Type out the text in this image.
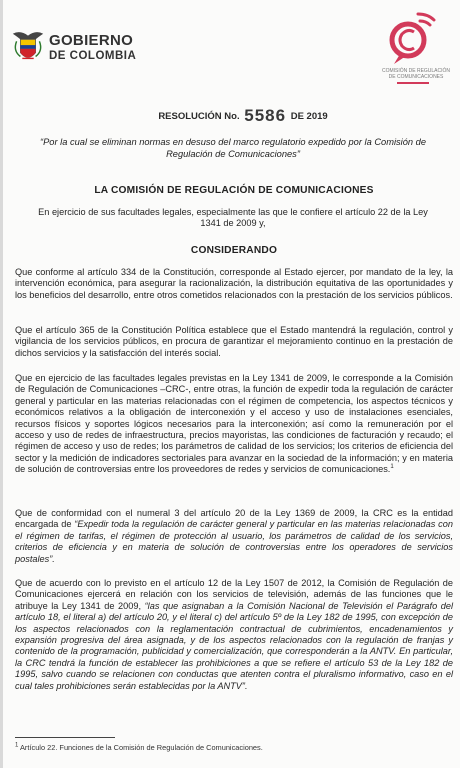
GOBIERNO
DE COLOMBIA
COMISIÓN DE REGULACIÓN DE COMUNICACIONES
RESOLUCIÓN No. 5586 DE 2019
“Por la cual se eliminan normas en desuso del marco regulatorio expedido por la Comisión de Regulación de Comunicaciones”
LA COMISIÓN DE REGULACIÓN DE COMUNICACIONES
En ejercicio de sus facultades legales, especialmente las que le confiere el artículo 22 de la Ley 1341 de 2009 y,
CONSIDERANDO
Que conforme al artículo 334 de la Constitución, corresponde al Estado ejercer, por mandato de la ley, la intervención económica, para asegurar la racionalización, la distribución equitativa de las oportunidades y los beneficios del desarrollo, entre otros cometidos relacionados con la prestación de los servicios públicos.
Que el artículo 365 de la Constitución Política establece que el Estado mantendrá la regulación, control y vigilancia de los servicios públicos, en procura de garantizar el mejoramiento continuo en la prestación de dichos servicios y la satisfacción del interés social.
Que en ejercicio de las facultades legales previstas en la Ley 1341 de 2009, le corresponde a la Comisión de Regulación de Comunicaciones –CRC-, entre otras, la función de expedir toda la regulación de carácter general y particular en las materias relacionadas con el régimen de competencia, los aspectos técnicos y económicos relativos a la obligación de interconexión y el acceso y uso de instalaciones esenciales, recursos físicos y soportes lógicos necesarios para la interconexión; así como la remuneración por el acceso y uso de redes de infraestructura, precios mayoristas, las condiciones de facturación y recaudo; el régimen de acceso y uso de redes; los parámetros de calidad de los servicios; los criterios de eficiencia del sector y la medición de indicadores sectoriales para avanzar en la sociedad de la información; y en materia de solución de controversias entre los proveedores de redes y servicios de comunicaciones.$^1$
Que de conformidad con el numeral 3 del artículo 20 de la Ley 1369 de 2009, la CRC es la entidad encargada de “Expedir toda la regulación de carácter general y particular en las materias relacionadas con el régimen de tarifas, el régimen de protección al usuario, los parámetros de calidad de los servicios, criterios de eficiencia y en materia de solución de controversias entre los operadores de servicios postales”.
Que de acuerdo con lo previsto en el artículo 12 de la Ley 1507 de 2012, la Comisión de Regulación de Comunicaciones ejercerá en relación con los servicios de televisión, además de las funciones que le atribuye la Ley 1341 de 2009, “las que asignaban a la Comisión Nacional de Televisión el Parágrafo del artículo 18, el literal a) del artículo 20, y el literal c) del artículo 5º de la Ley 182 de 1995, con excepción de los aspectos relacionados con la reglamentación contractual de cubrimientos, encadenamientos y expansión progresiva del área asignada, y de los aspectos relacionados con la regulación de franjas y contenido de la programación, publicidad y comercialización, que corresponderán a la ANTV. En particular, la CRC tendrá la función de establecer las prohibiciones a que se refiere el artículo 53 de la Ley 182 de 1995, salvo cuando se relacionen con conductas que atenten contra el pluralismo informativo, caso en el cual tales prohibiciones serán establecidas por la ANTV”.
$^1$ Artículo 22. Funciones de la Comisión de Regulación de Comunicaciones.
